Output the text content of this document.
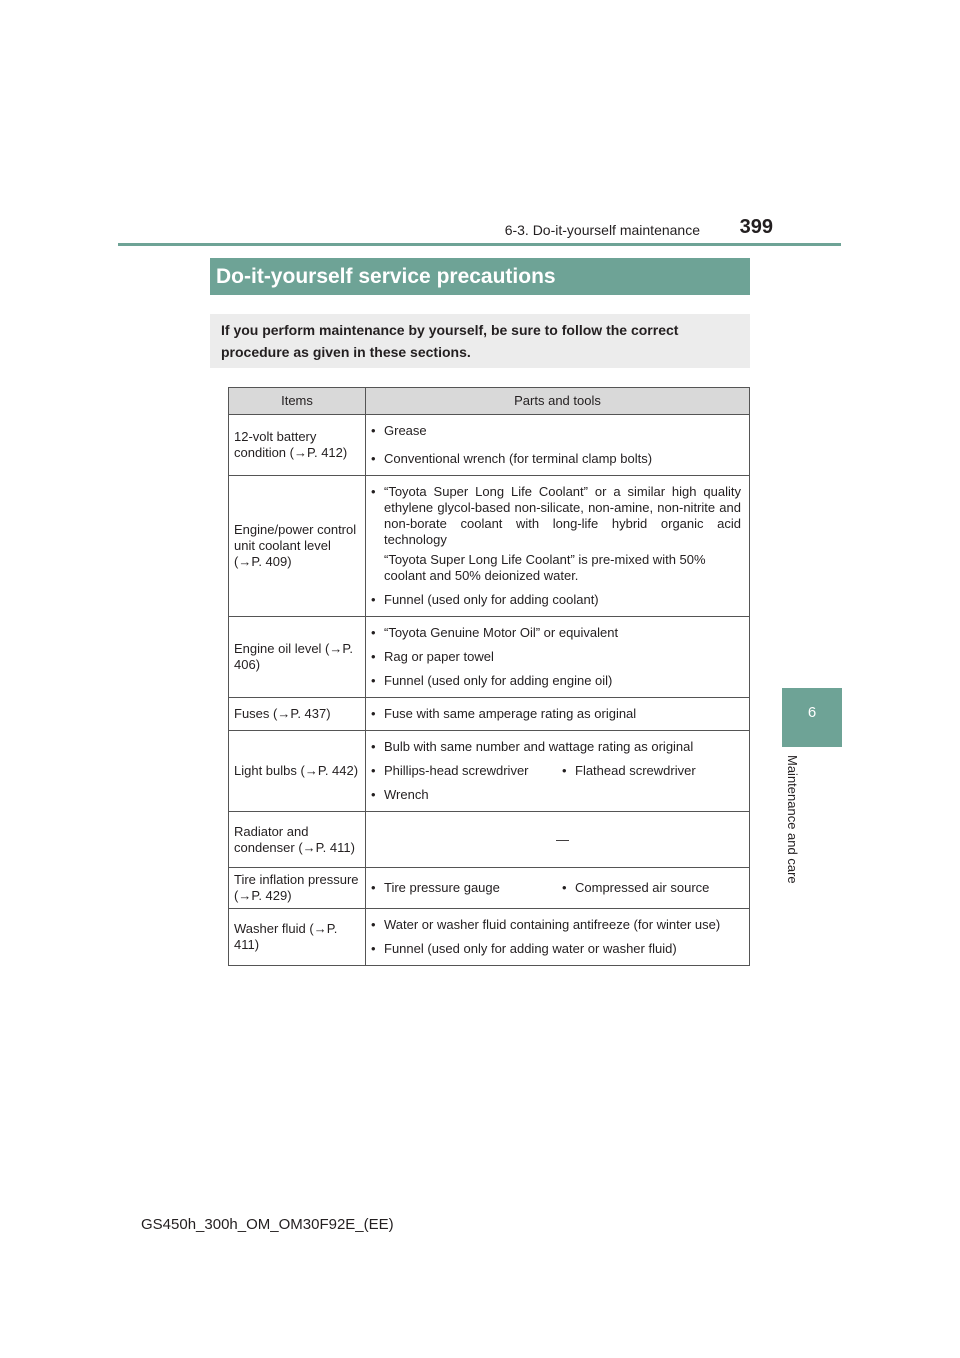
6-3. Do-it-yourself maintenance 399
6
Maintenance and care
Do-it-yourself service precautions
If you perform maintenance by yourself, be sure to follow the correct procedure as given in these sections.
Items	Parts and tools
12-volt battery condition (→P. 412)	• Grease
• Conventional wrench (for terminal clamp bolts)

Engine/power control unit coolant level (→P. 409)	• “Toyota Super Long Life Coolant” or a similar high quality ethylene glycol-based non-silicate, non-amine, non-nitrite and non-borate coolant with long-life hybrid organic acid technology
“Toyota Super Long Life Coolant” is pre-mixed with 50% coolant and 50% deionized water.
• Funnel (used only for adding coolant)

Engine oil level (→P. 406)	• “Toyota Genuine Motor Oil” or equivalent
• Rag or paper towel
• Funnel (used only for adding engine oil)

Fuses (→P. 437)	• Fuse with same amperage rating as original

Light bulbs (→P. 442)	• Bulb with same number and wattage rating as original
• Phillips-head screwdriver • Flathead screwdriver
• Wrench

Radiator and condenser (→P. 411)	—
Tire inflation pressure (→P. 429)	• Tire pressure gauge • Compressed air source

Washer fluid (→P. 411)	• Water or washer fluid containing antifreeze (for winter use)
• Funnel (used only for adding water or washer fluid)
GS450h_300h_OM_OM30F92E_(EE)
